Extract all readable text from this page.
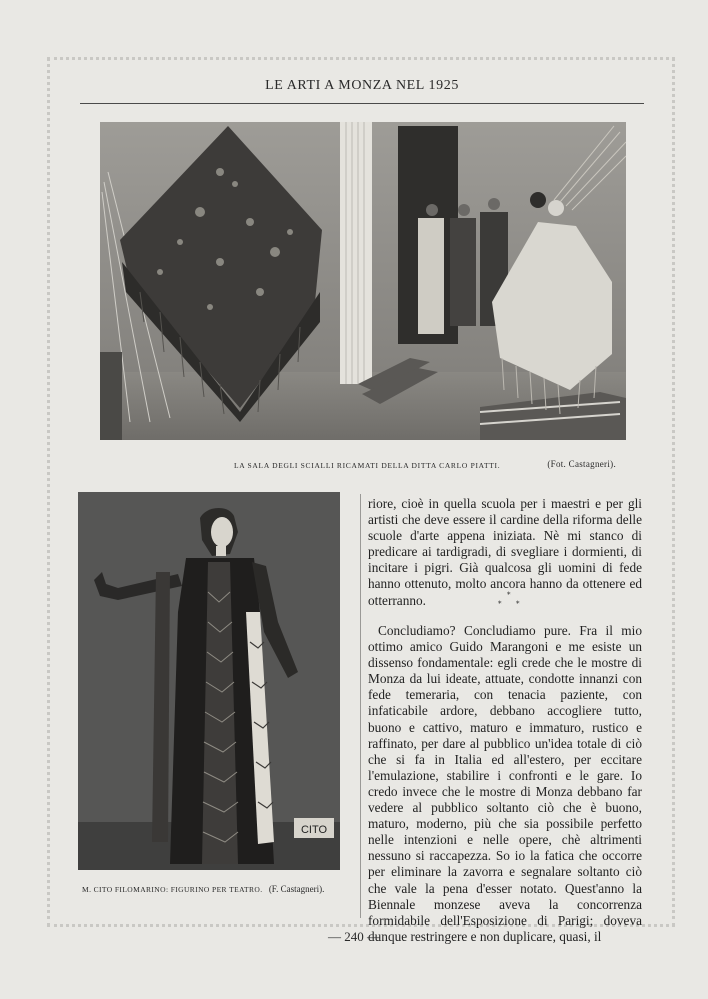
LE ARTI A MONZA NEL 1925
LA SALA DEGLI SCIALLI RICAMATI DELLA DITTA CARLO PIATTI.	(Fot. Castagneri).
CITO
M. CITO FILOMARINO: FIGURINO PER TEATRO. (F. Castagneri).
riore, cioè in quella scuola per i maestri e per gli artisti che deve essere il cardine della riforma delle scuole d'arte appena iniziata. Nè mi stanco di predicare ai tardigradi, di svegliare i dormienti, di incitare i pigri. Già qualcosa gli uomini di fede hanno ottenuto, molto ancora hanno da ottenere ed otterranno.	*
* *
Concludiamo? Concludiamo pure. Fra il mio ottimo amico Guido Marangoni e me esiste un dissenso fondamentale: egli crede che le mostre di Monza da lui ideate, attuate, condotte innanzi con fede temeraria, con tenacia paziente, con infaticabile ardore, debbano accogliere tutto, buono e cattivo, maturo e immaturo, rustico e raffinato, per dare al pubblico un'idea totale di ciò che si fa in Italia ed all'estero, per eccitare l'emulazione, stabilire i confronti e le gare. Io credo invece che le mostre di Monza debbano far vedere al pubblico soltanto ciò che è buono, maturo, moderno, più che sia possibile perfetto nelle intenzioni e nelle opere, chè altrimenti nessuno si raccapezza. So io la fatica che occorre per eliminare la zavorra e segnalare soltanto ciò che vale la pena d'esser notato. Quest'anno la Biennale monzese aveva la concorrenza formidabile dell'Esposizione di Parigi; doveva dunque restringere e non duplicare, quasi, il
— 240 —
